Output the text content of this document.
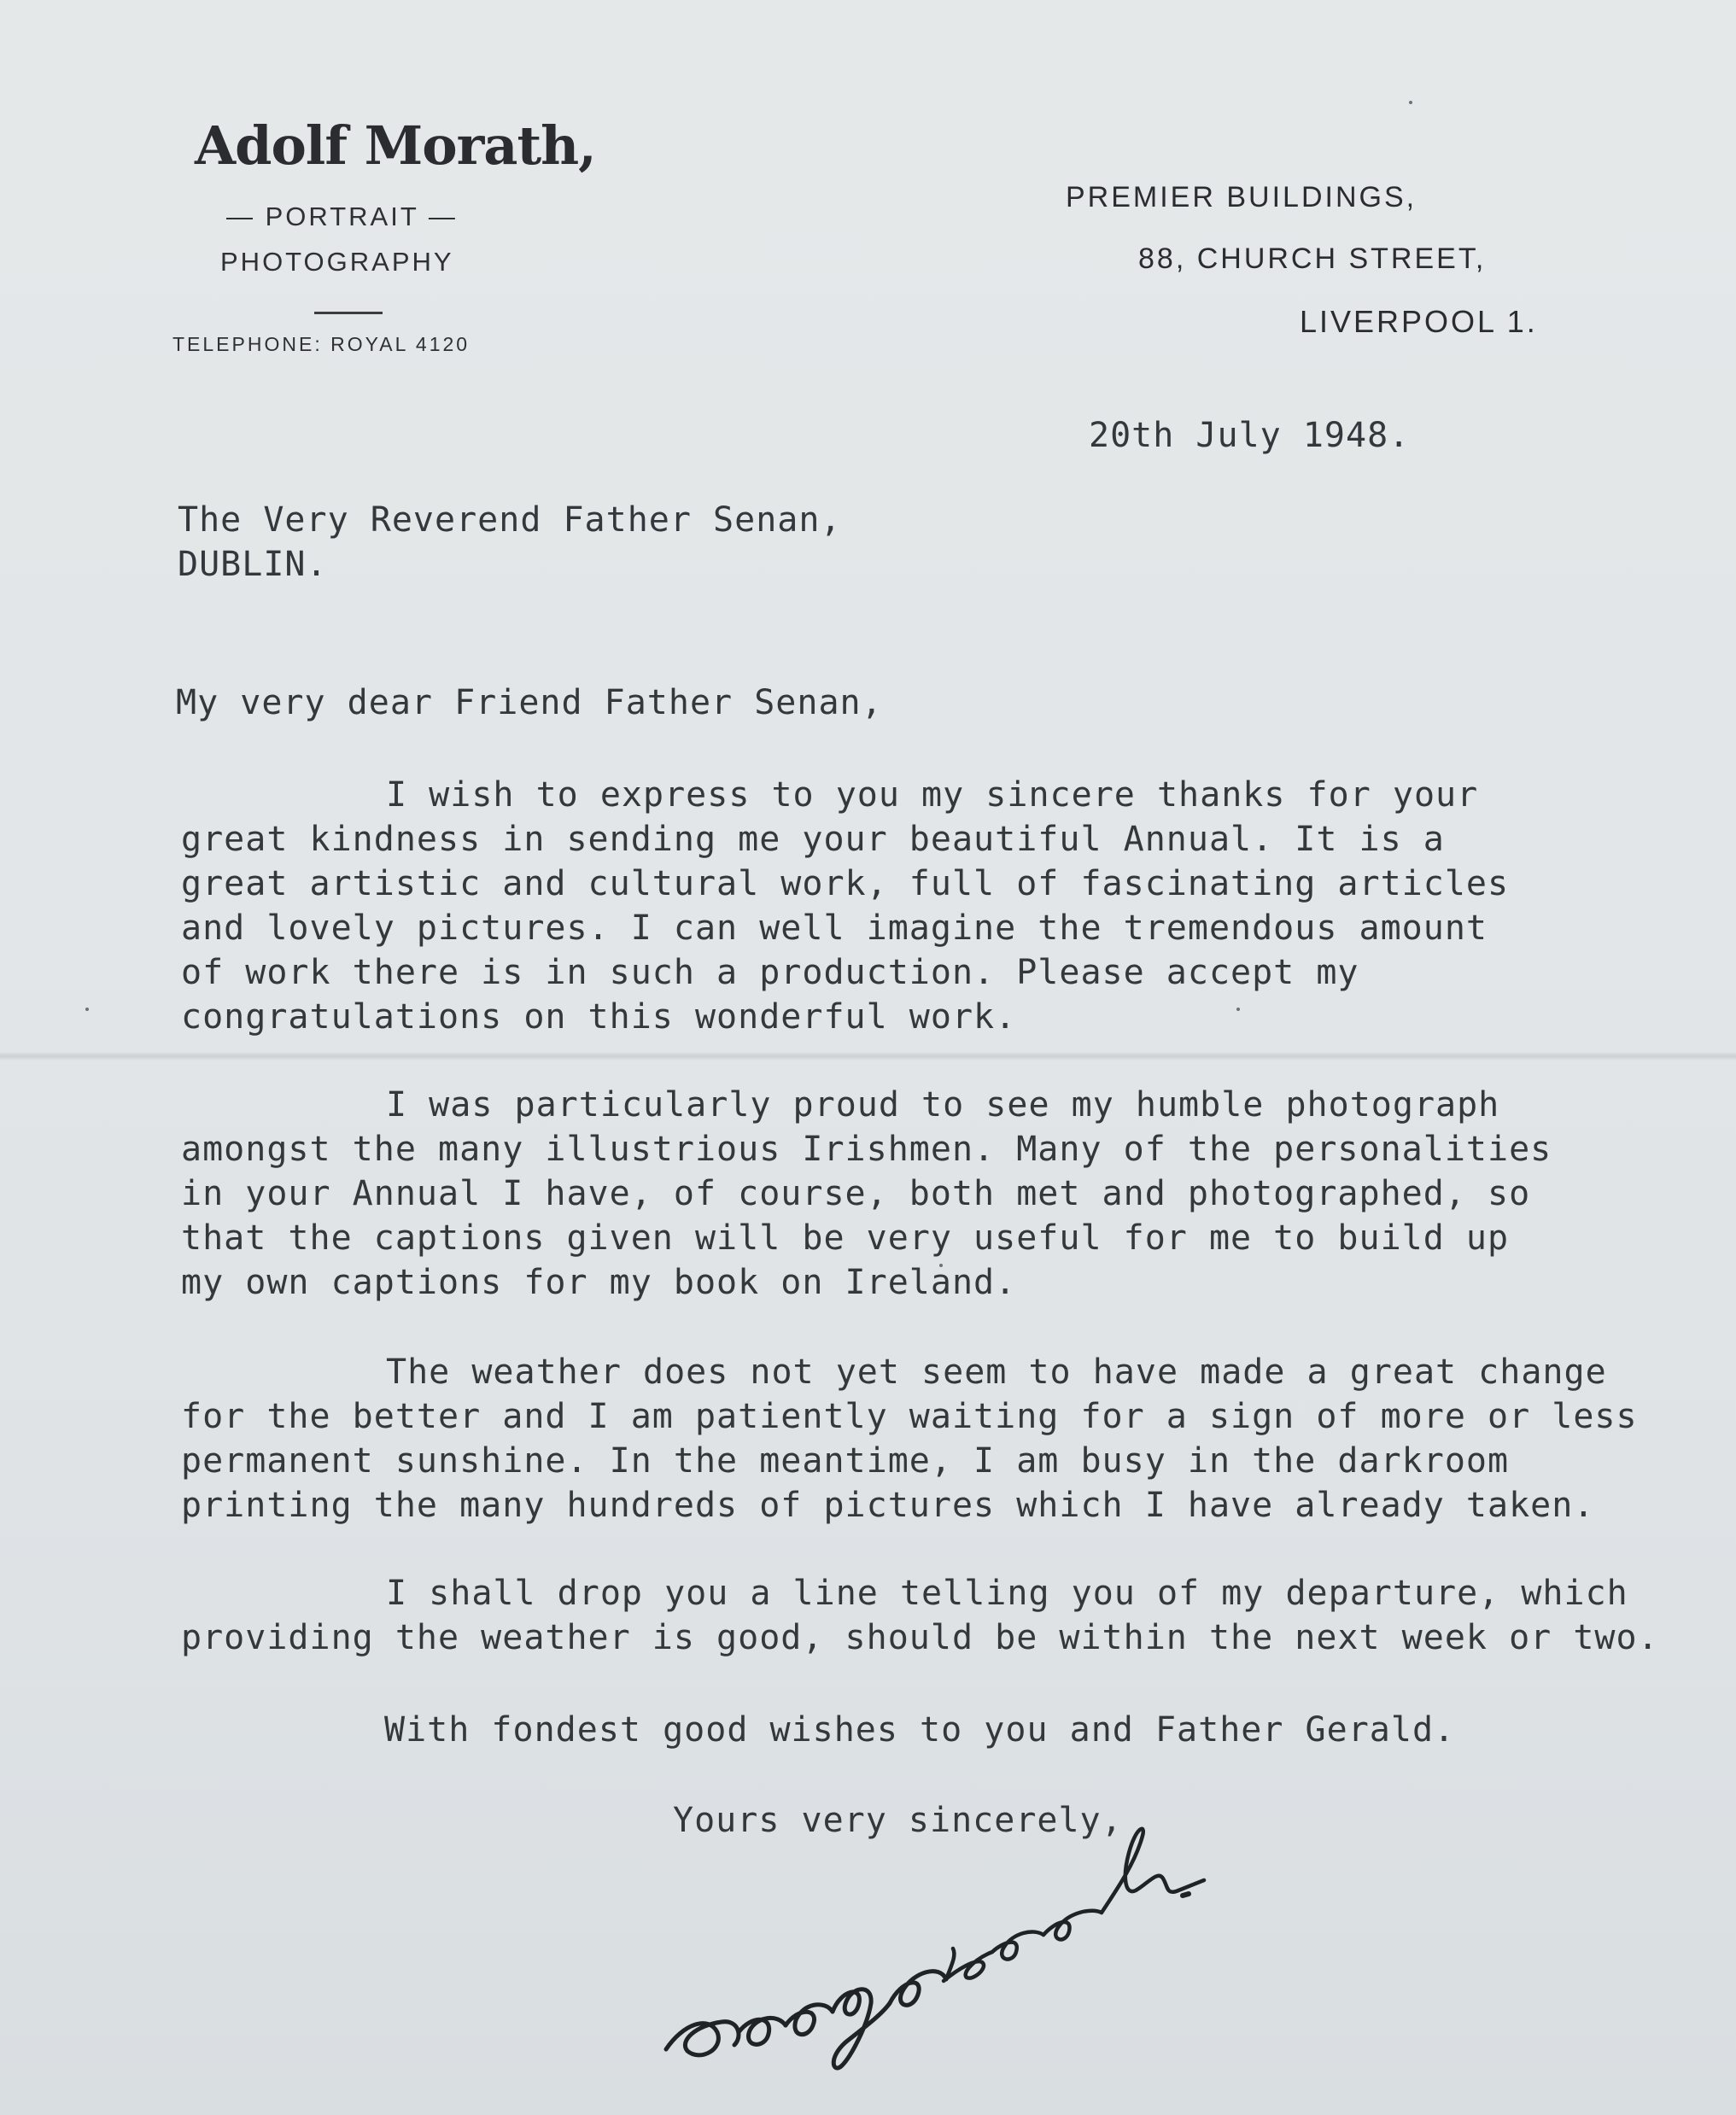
Adolf Morath,
— PORTRAIT —
PHOTOGRAPHY
TELEPHONE: ROYAL 4120
PREMIER BUILDINGS,
88, CHURCH STREET,
LIVERPOOL 1.
20th July 1948.
The Very Reverend Father Senan,
DUBLIN.
My very dear Friend Father Senan,
I wish to express to you my sincere thanks for your
great kindness in sending me your beautiful Annual. It is a
great artistic and cultural work, full of fascinating articles
and lovely pictures. I can well imagine the tremendous amount
of work there is in such a production. Please accept my
congratulations on this wonderful work.
I was particularly proud to see my humble photograph
amongst the many illustrious Irishmen. Many of the personalities
in your Annual I have, of course, both met and photographed, so
that the captions given will be very useful for me to build up
my own captions for my book on Ireland.
The weather does not yet seem to have made a great change
for the better and I am patiently waiting for a sign of more or less
permanent sunshine. In the meantime, I am busy in the darkroom
printing the many hundreds of pictures which I have already taken.
I shall drop you a line telling you of my departure, which
providing the weather is good, should be within the next week or two.
With fondest good wishes to you and Father Gerald.
Yours very sincerely,
